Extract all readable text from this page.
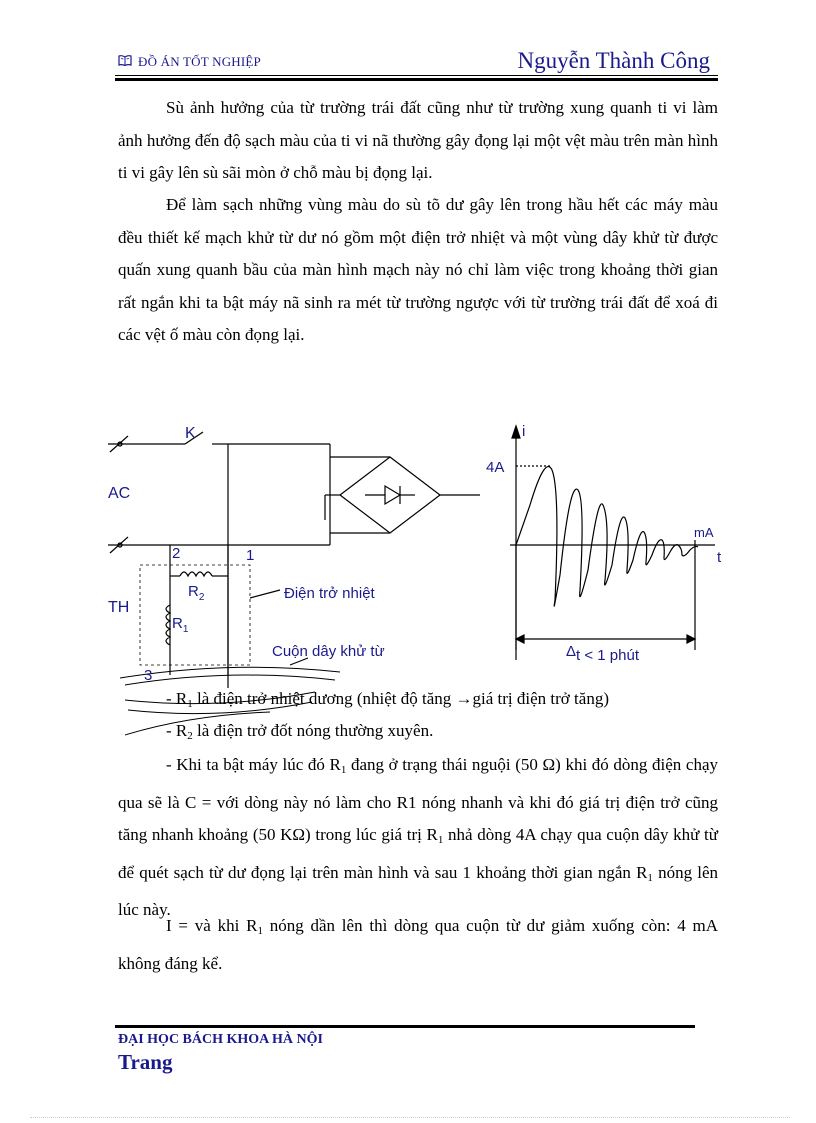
ĐỒ ÁN TỐT NGHIỆP	Nguyễn Thành Công
Sù ảnh hưởng của từ trường trái đất cũng như từ trường xung quanh ti vi làm ảnh hưởng đến độ sạch màu của ti vi nã thường gây đọng lại một vệt màu trên màn hình ti vi gây lên sù sãi mòn ở chỗ màu bị đọng lại.
Để làm sạch những vùng màu do sù tõ dư gây lên trong hầu hết các máy màu đều thiết kế mạch khử từ dư nó gồm một điện trở nhiệt và một vùng dây khử từ được quấn xung quanh bầu của màn hình mạch này nó chỉ làm việc trong khoảng thời gian rất ngắn khi ta bật máy nã sinh ra mét từ trường ngược với từ trường trái đất để xoá đi các vệt ố màu còn đọng lại.
K
AC
TH
2	1
3
$R_2$
$R_1$
Điện trở nhiệt
Cuộn dây khử từ
i
4A
mA
t
Δt < 1 phút
- $R_1$ là điện trở nhiệt dương (nhiệt độ tăng →giá trị điện trở tăng)
- $R_2$ là điện trở đốt nóng thường xuyên.
- Khi ta bật máy lúc đó $R_1$ đang ở trạng thái nguội (50 Ω) khi đó dòng điện chạy qua sẽ là C = với dòng này nó làm cho R1 nóng nhanh và khi đó giá trị điện trở cũng tăng nhanh khoảng (50 KΩ) trong lúc giá trị $R_1$ nhả dòng 4A chạy qua cuộn dây khử từ để quét sạch từ dư đọng lại trên màn hình và sau 1 khoảng thời gian ngắn $R_1$ nóng lên lúc này.
I = và khi $R_1$ nóng dần lên thì dòng qua cuộn từ dư giảm xuống còn: 4 mA không đáng kể.
ĐẠI HỌC BÁCH KHOA HÀ NỘI
Trang
